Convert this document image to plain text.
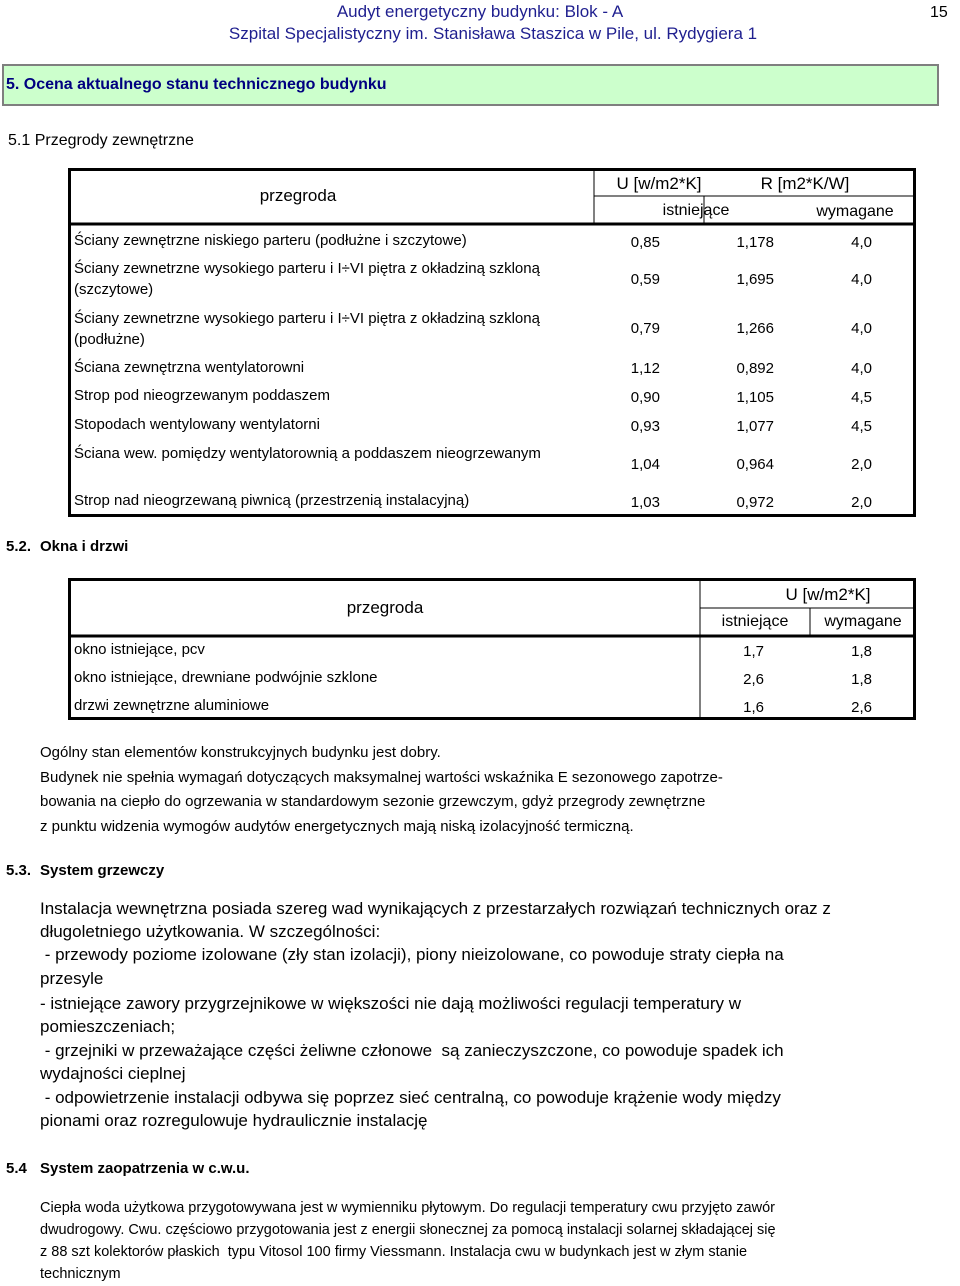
Audyt energetyczny budynku: Blok - A
Szpital Specjalistyczny im. Stanisława Staszica w Pile, ul. Rydygiera 1
15
5. Ocena aktualnego stanu technicznego budynku
5.1 Przegrody zewnętrzne
przegroda
U [w/m2*K]	R [m2*K/W]
istniejące	wymagane
Ściany zewnętrzne niskiego parteru (podłużne i szczytowe)	0,85	1,178	4,0
Ściany zewnetrzne wysokiego parteru i I÷VI piętra z okładziną szkloną (szczytowe)
0,59	1,695	4,0
Ściany zewnetrzne wysokiego parteru i I÷VI piętra z okładziną szkloną (podłużne)
0,79	1,266	4,0
Ściana zewnętrzna wentylatorowni	1,12	0,892	4,0
Strop pod nieogrzewanym poddaszem	0,90	1,105	4,5
Stopodach wentylowany wentylatorni	0,93	1,077	4,5
Ściana wew. pomiędzy wentylatorownią a poddaszem nieogrzewanym
1,04	0,964	2,0
Strop nad nieogrzewaną piwnicą (przestrzenią instalacyjną)	1,03	0,972	2,0
5.2. Okna i drzwi
przegroda
U [w/m2*K]
istniejące	wymagane
okno istniejące, pcv	1,7	1,8
okno istniejące, drewniane podwójnie szklone	2,6	1,8
drzwi zewnętrzne aluminiowe	1,6	2,6
Ogólny stan elementów konstrukcyjnych budynku jest dobry.
Budynek nie spełnia wymagań dotyczących maksymalnej wartości wskaźnika E sezonowego zapotrze-
bowania na ciepło do ogrzewania w standardowym sezonie grzewczym, gdyż przegrody zewnętrzne
z punktu widzenia wymogów audytów energetycznych mają niską izolacyjność termiczną.
5.3. System grzewczy
Instalacja wewnętrzna posiada szereg wad wynikających z przestarzałych rozwiązań technicznych oraz z
długoletniego użytkowania. W szczególności:
- przewody poziome izolowane (zły stan izolacji), piony nieizolowane, co powoduje straty ciepła na
przesyle
- istniejące zawory przygrzejnikowe w większości nie dają możliwości regulacji temperatury w
pomieszczeniach;
- grzejniki w przeważające części żeliwne członowe  są zanieczyszczone, co powoduje spadek ich
wydajności cieplnej
- odpowietrzenie instalacji odbywa się poprzez sieć centralną, co powoduje krążenie wody między
pionami oraz rozregulowuje hydraulicznie instalację
5.4 System zaopatrzenia w c.w.u.
Ciepła woda użytkowa przygotowywana jest w wymienniku płytowym. Do regulacji temperatury cwu przyjęto zawór
dwudrogowy. Cwu. częściowo przygotowania jest z energii słonecznej za pomocą instalacji solarnej składającej się
z 88 szt kolektorów płaskich  typu Vitosol 100 firmy Viessmann. Instalacja cwu w budynkach jest w złym stanie
technicznym
